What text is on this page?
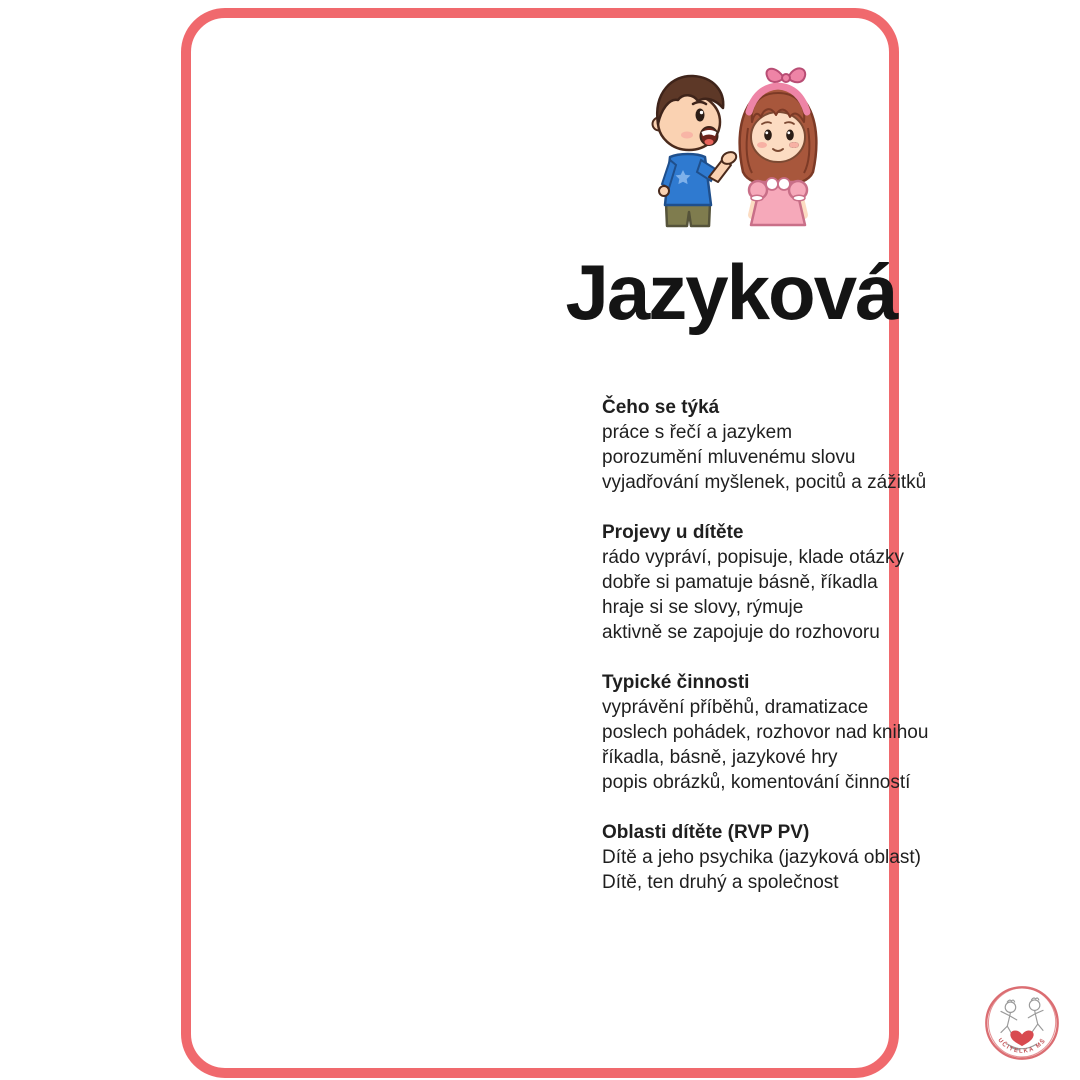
Jazyková
Čeho se týká

práce s řečí a jazykem

porozumění mluvenému slovu

vyjadřování myšlenek, pocitů a zážitků

Projevy u dítěte

rádo vypráví, popisuje, klade otázky

dobře si pamatuje básně, říkadla

hraje si se slovy, rýmuje

aktivně se zapojuje do rozhovoru

Typické činnosti

vyprávění příběhů, dramatizace

poslech pohádek, rozhovor nad knihou

říkadla, básně, jazykové hry

popis obrázků, komentování činností

Oblasti dítěte (RVP PV)

Dítě a jeho psychika (jazyková oblast)

Dítě, ten druhý a společnost

UČITELKA MŠ
